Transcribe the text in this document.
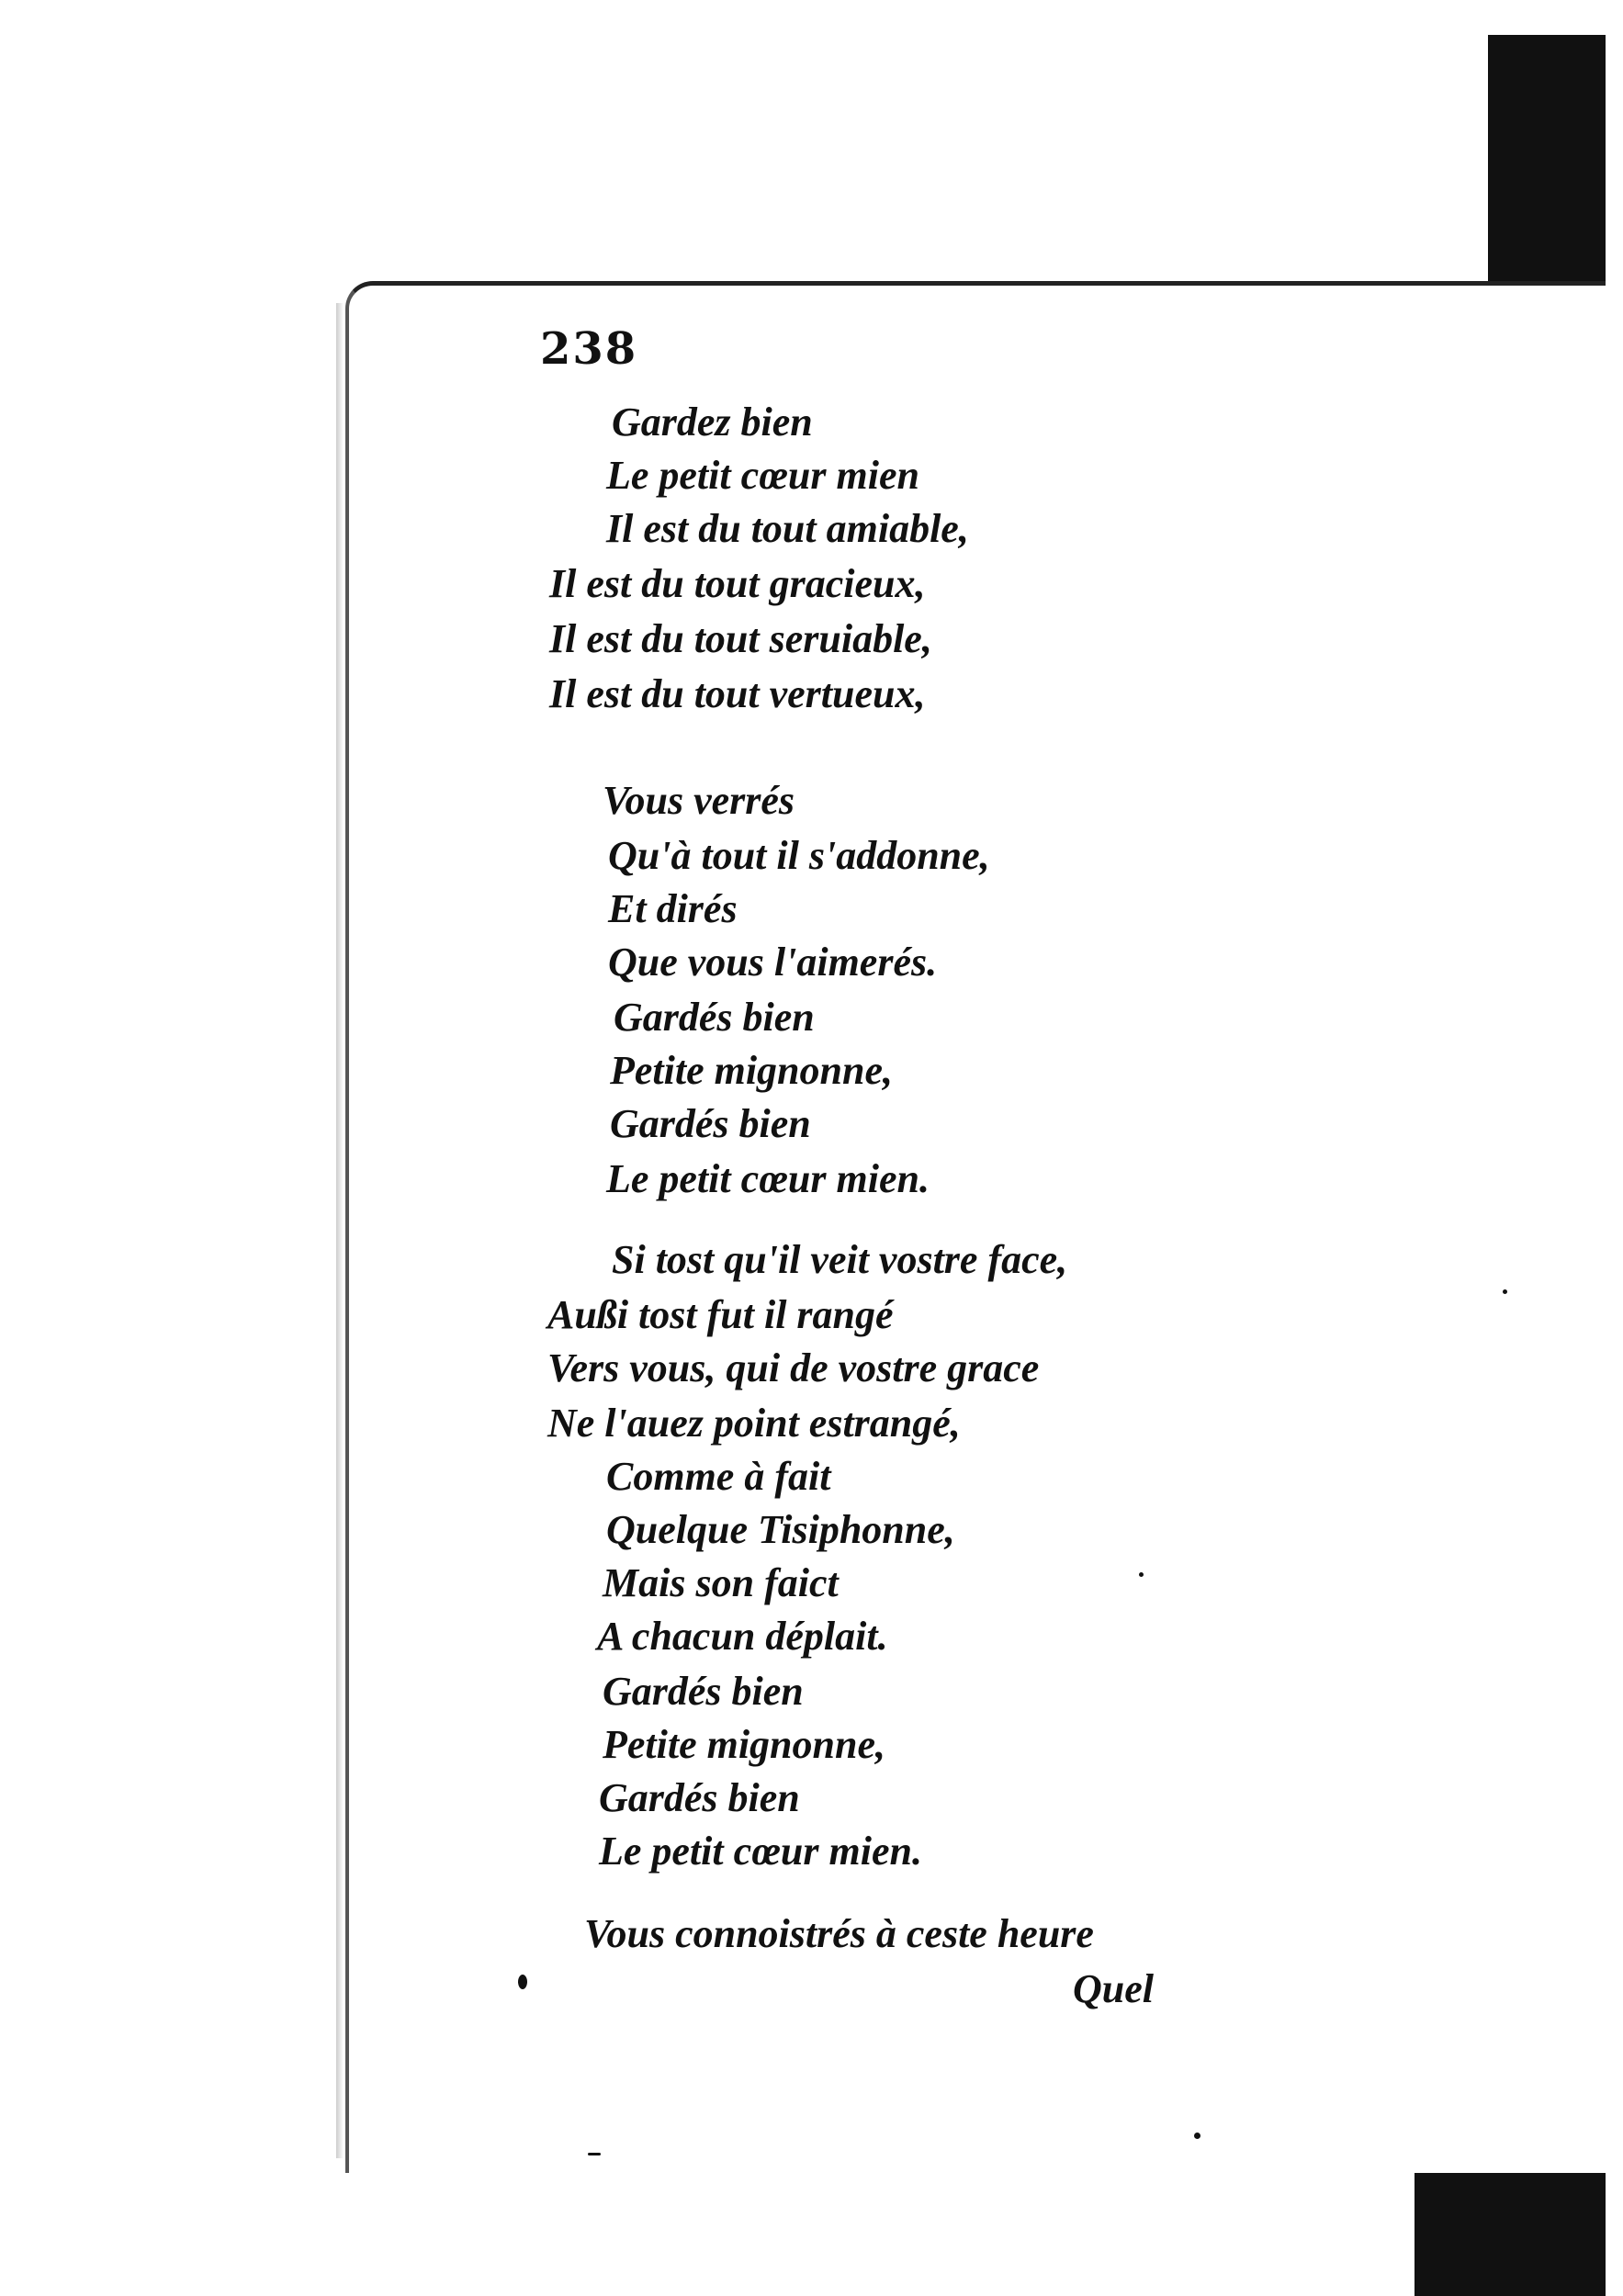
238
Gardez bien
Le petit cœur mien
Il est du tout amiable,
Il est du tout gracieux,
Il est du tout seruiable,
Il est du tout vertueux,
Vous verrés
Qu'à tout il s'addonne,
Et dirés
Que vous l'aimerés.
Gardés bien
Petite mignonne,
Gardés bien
Le petit cœur mien.
Si tost qu'il veit vostre face,
Außi tost fut il rangé
Vers vous, qui de vostre grace
Ne l'auez point estrangé,
Comme à fait
Quelque Tisiphonne,
Mais son faict
A chacun déplait.
Gardés bien
Petite mignonne,
Gardés bien
Le petit cœur mien.
Vous connoistrés à ceste heure
Quel
